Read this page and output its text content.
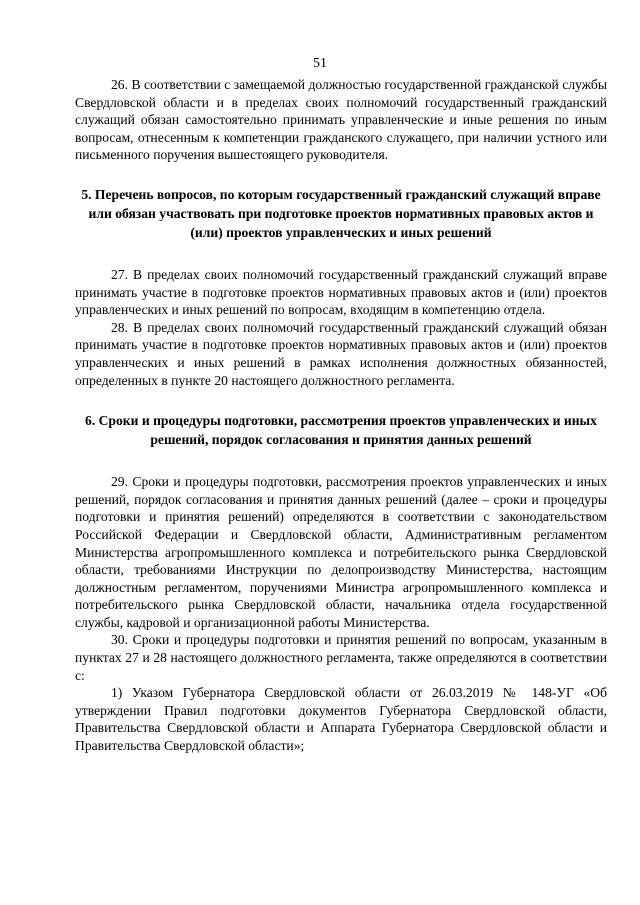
51

26. В соответствии с замещаемой должностью государственной гражданской службы Свердловской области и в пределах своих полномочий государственный гражданский служащий обязан самостоятельно принимать управленческие и иные решения по иным вопросам, отнесенным к компетенции гражданского служащего, при наличии устного или письменного поручения вышестоящего руководителя.

5. Перечень вопросов, по которым государственный гражданский служащий вправе или обязан участвовать при подготовке проектов нормативных правовых актов и (или) проектов управленческих и иных решений

27. В пределах своих полномочий государственный гражданский служащий вправе принимать участие в подготовке проектов нормативных правовых актов и (или) проектов управленческих и иных решений по вопросам, входящим в компетенцию отдела.

28. В пределах своих полномочий государственный гражданский служащий обязан принимать участие в подготовке проектов нормативных правовых актов и (или) проектов управленческих и иных решений в рамках исполнения должностных обязанностей, определенных в пункте 20 настоящего должностного регламента.

6. Сроки и процедуры подготовки, рассмотрения проектов управленческих и иных решений, порядок согласования и принятия данных решений

29. Сроки и процедуры подготовки, рассмотрения проектов управленческих и иных решений, порядок согласования и принятия данных решений (далее – сроки и процедуры подготовки и принятия решений) определяются в соответствии с законодательством Российской Федерации и Свердловской области, Административным регламентом Министерства агропромышленного комплекса и потребительского рынка Свердловской области, требованиями Инструкции по делопроизводству Министерства, настоящим должностным регламентом, поручениями Министра агропромышленного комплекса и потребительского рынка Свердловской области, начальника отдела государственной службы, кадровой и организационной работы Министерства.

30. Сроки и процедуры подготовки и принятия решений по вопросам, указанным в пунктах 27 и 28 настоящего должностного регламента, также определяются в соответствии с:

1) Указом Губернатора Свердловской области от 26.03.2019 № 148-УГ «Об утверждении Правил подготовки документов Губернатора Свердловской области, Правительства Свердловской области и Аппарата Губернатора Свердловской области и Правительства Свердловской области»;
